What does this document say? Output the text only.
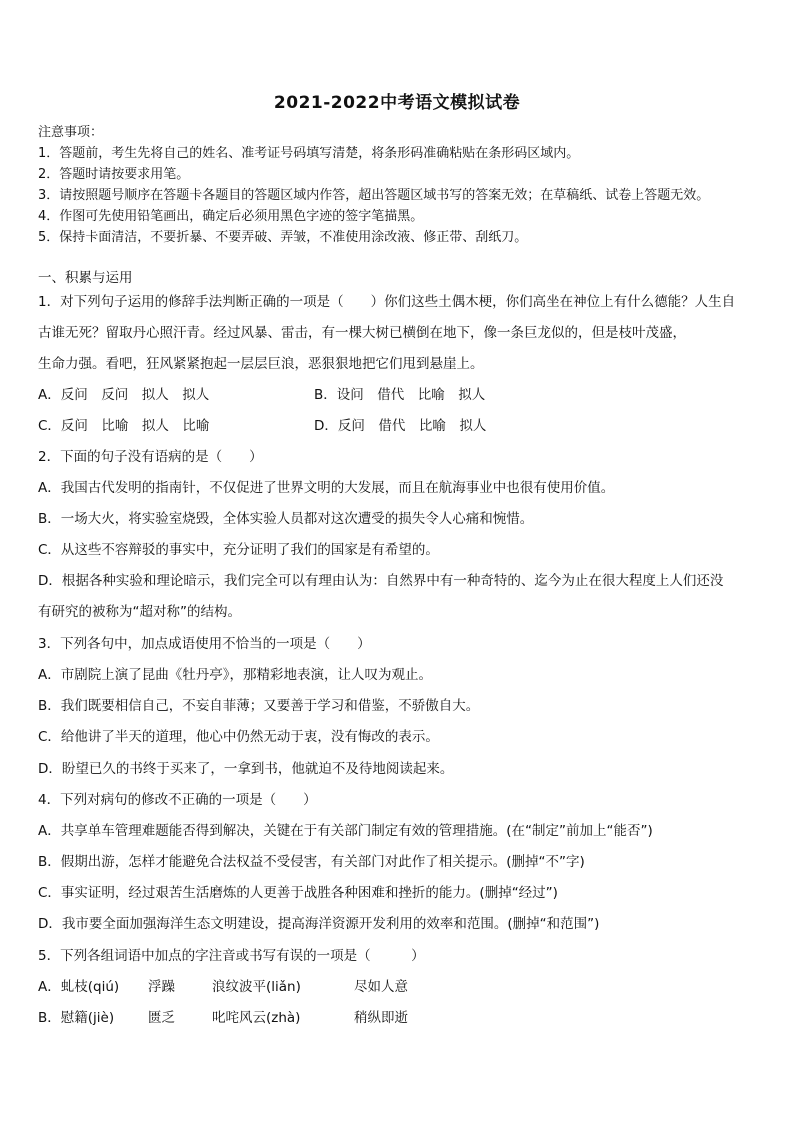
2021-2022中考语文模拟试卷
注意事项：
1．答题前，考生先将自己的姓名、准考证号码填写清楚，将条形码准确粘贴在条形码区域内。
2．答题时请按要求用笔。
3．请按照题号顺序在答题卡各题目的答题区域内作答，超出答题区域书写的答案无效；在草稿纸、试卷上答题无效。
4．作图可先使用铅笔画出，确定后必须用黑色字迹的签字笔描黑。
5．保持卡面清洁，不要折暴、不要弄破、弄皱，不准使用涂改液、修正带、刮纸刀。
一、积累与运用
1．对下列句子运用的修辞手法判断正确的一项是（　　）你们这些土偶木梗，你们高坐在神位上有什么德能？人生自
古谁无死？留取丹心照汗青。经过风暴、雷击，有一棵大树已横倒在地下，像一条巨龙似的，但是枝叶茂盛，
生命力强。看吧，狂风紧紧抱起一层层巨浪，恶狠狠地把它们甩到悬崖上。
A．反问　反问　拟人　拟人	B．设问　借代　比喻　拟人
C．反问　比喻　拟人　比喻	D．反问　借代　比喻　拟人
2．下面的句子没有语病的是（　　）
A．我国古代发明的指南针，不仅促进了世界文明的大发展，而且在航海事业中也很有使用价值。
B．一场大火，将实验室烧毁，全体实验人员都对这次遭受的损失令人心痛和惋惜。
C．从这些不容辩驳的事实中，充分证明了我们的国家是有希望的。
D．根据各种实验和理论暗示，我们完全可以有理由认为：自然界中有一种奇特的、迄今为止在很大程度上人们还没
有研究的被称为“超对称”的结构。
3．下列各句中，加点成语使用不恰当的一项是（　　）
A．市剧院上演了昆曲《牡丹亭》，那精彩地表演，让人叹为观止。
B．我们既要相信自己，不妄自菲薄；又要善于学习和借鉴，不骄傲自大。
C．给他讲了半天的道理，他心中仍然无动于衷，没有悔改的表示。
D．盼望已久的书终于买来了，一拿到书，他就迫不及待地阅读起来。
4．下列对病句的修改不正确的一项是（　　）
A．共享单车管理难题能否得到解决，关键在于有关部门制定有效的管理措施。(在“制定”前加上“能否”)
B．假期出游，怎样才能避免合法权益不受侵害，有关部门对此作了相关提示。(删掉“不”字)
C．事实证明，经过艰苦生活磨炼的人更善于战胜各种困难和挫折的能力。(删掉“经过”)
D．我市要全面加强海洋生态文明建设，提高海洋资源开发利用的效率和范围。(删掉“和范围”)
5．下列各组词语中加点的字注音或书写有误的一项是（　　　）
A．虬枝(qiú) 浮躁	浪纹波平(liǎn)	尽如人意
B．慰籍(jiè)	匮乏	叱咤风云(zhà)	稍纵即逝
